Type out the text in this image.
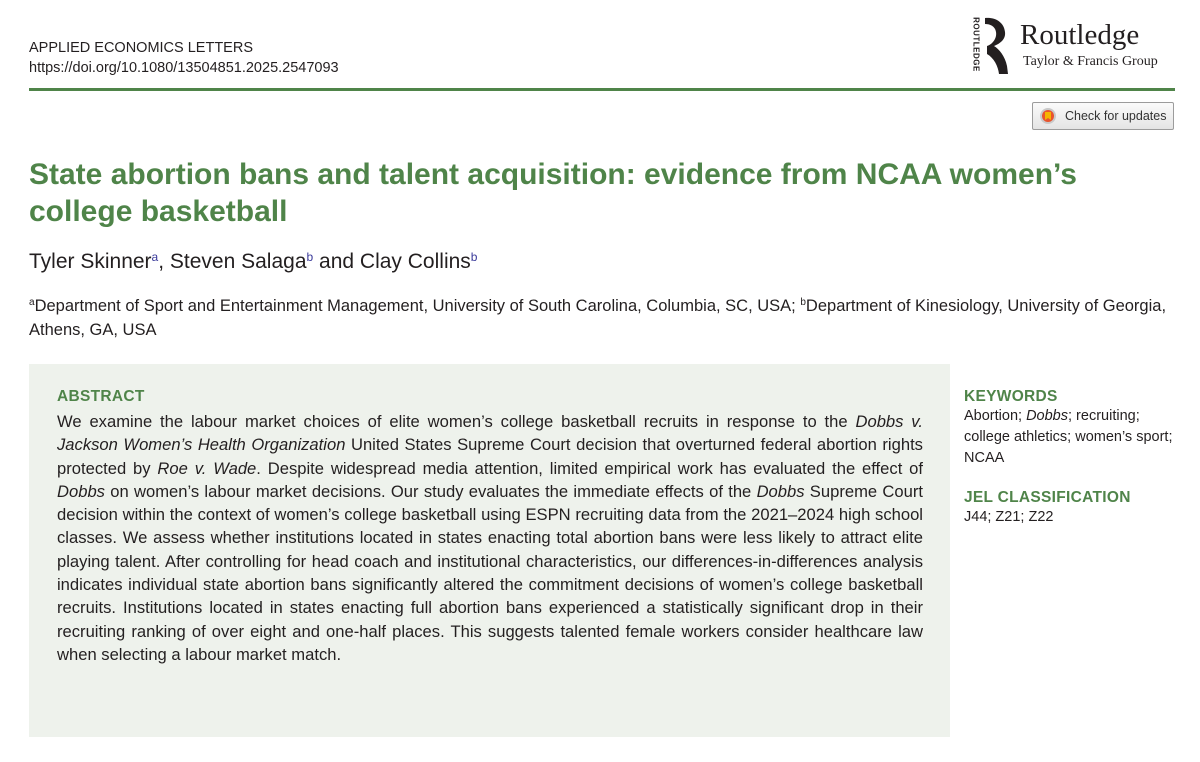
APPLIED ECONOMICS LETTERS
https://doi.org/10.1080/13504851.2025.2547093	ROUTLEDGE Routledge
Taylor & Francis Group
Check for updates
State abortion bans and talent acquisition: evidence from NCAA women’s college basketball
Tyler Skinner$^a$, Steven Salaga$^b$ and Clay Collins$^b$
$^a$Department of Sport and Entertainment Management, University of South Carolina, Columbia, SC, USA; $^b$Department of Kinesiology, University of Georgia, Athens, GA, USA
ABSTRACT

We examine the labour market choices of elite women’s college basketball recruits in response to the Dobbs v. Jackson Women’s Health Organization United States Supreme Court decision that overturned federal abortion rights protected by Roe v. Wade. Despite widespread media attention, limited empirical work has evaluated the effect of Dobbs on women’s labour market decisions. Our study evaluates the immediate effects of the Dobbs Supreme Court decision within the context of women’s college basketball using ESPN recruiting data from the 2021–2024 high school classes. We assess whether institutions located in states enacting total abortion bans were less likely to attract elite playing talent. After controlling for head coach and institutional characteristics, our differences-in-differences analysis indicates individual state abortion bans significantly altered the commitment decisions of women’s college basketball recruits. Institutions located in states enacting full abortion bans experienced a statistically significant drop in their recruiting ranking of over eight and one-half places. This suggests talented female workers consider healthcare law when selecting a labour market match.

KEYWORDS
Abortion; Dobbs; recruiting; college athletics; women’s sport; NCAA
JEL CLASSIFICATION
J44; Z21; Z22
